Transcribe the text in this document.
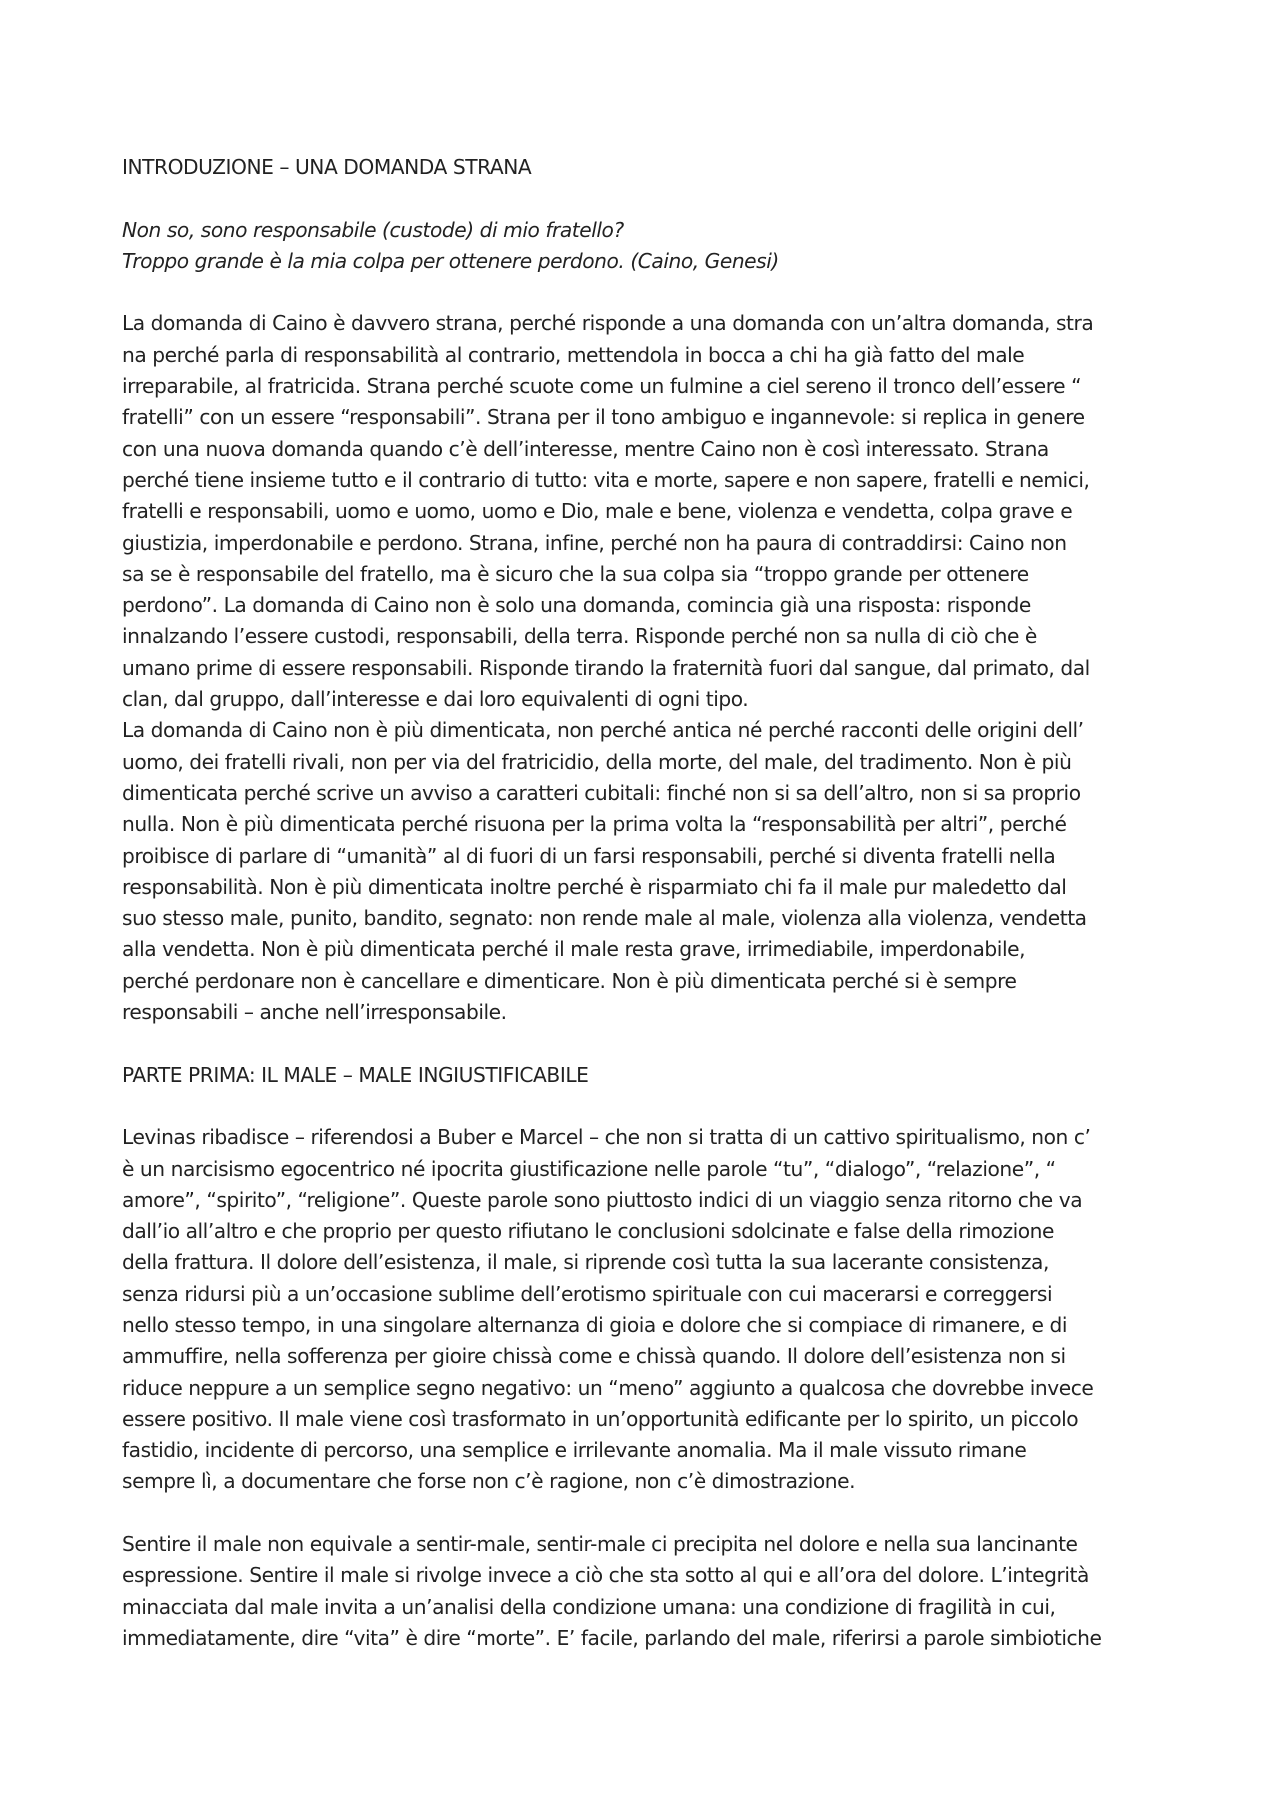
INTRODUZIONE – UNA DOMANDA STRANA
Non so, sono responsabile (custode) di mio fratello?
Troppo grande è la mia colpa per ottenere perdono. (Caino, Genesi)

La domanda di Caino è davvero strana, perché risponde a una domanda con un’altra domanda, stra
na perché parla di responsabilità al contrario, mettendola in bocca a chi ha già fatto del male
irreparabile, al fratricida. Strana perché scuote come un fulmine a ciel sereno il tronco dell’essere “
fratelli” con un essere “responsabili”. Strana per il tono ambiguo e ingannevole: si replica in genere
con una nuova domanda quando c’è dell’interesse, mentre Caino non è così interessato. Strana
perché tiene insieme tutto e il contrario di tutto: vita e morte, sapere e non sapere, fratelli e nemici,
fratelli e responsabili, uomo e uomo, uomo e Dio, male e bene, violenza e vendetta, colpa grave e
giustizia, imperdonabile e perdono. Strana, infine, perché non ha paura di contraddirsi: Caino non
sa se è responsabile del fratello, ma è sicuro che la sua colpa sia “troppo grande per ottenere
perdono”. La domanda di Caino non è solo una domanda, comincia già una risposta: risponde
innalzando l’essere custodi, responsabili, della terra. Risponde perché non sa nulla di ciò che è
umano prime di essere responsabili. Risponde tirando la fraternità fuori dal sangue, dal primato, dal
clan, dal gruppo, dall’interesse e dai loro equivalenti di ogni tipo.

La domanda di Caino non è più dimenticata, non perché antica né perché racconti delle origini dell’
uomo, dei fratelli rivali, non per via del fratricidio, della morte, del male, del tradimento. Non è più
dimenticata perché scrive un avviso a caratteri cubitali: finché non si sa dell’altro, non si sa proprio
nulla. Non è più dimenticata perché risuona per la prima volta la “responsabilità per altri”, perché
proibisce di parlare di “umanità” al di fuori di un farsi responsabili, perché si diventa fratelli nella
responsabilità. Non è più dimenticata inoltre perché è risparmiato chi fa il male pur maledetto dal
suo stesso male, punito, bandito, segnato: non rende male al male, violenza alla violenza, vendetta
alla vendetta. Non è più dimenticata perché il male resta grave, irrimediabile, imperdonabile,
perché perdonare non è cancellare e dimenticare. Non è più dimenticata perché si è sempre
responsabili – anche nell’irresponsabile.

PARTE PRIMA: IL MALE – MALE INGIUSTIFICABILE

Levinas ribadisce – riferendosi a Buber e Marcel – che non si tratta di un cattivo spiritualismo, non c’
è un narcisismo egocentrico né ipocrita giustificazione nelle parole “tu”, “dialogo”, “relazione”, “
amore”, “spirito”, “religione”. Queste parole sono piuttosto indici di un viaggio senza ritorno che va
dall’io all’altro e che proprio per questo rifiutano le conclusioni sdolcinate e false della rimozione
della frattura. Il dolore dell’esistenza, il male, si riprende così tutta la sua lacerante consistenza,
senza ridursi più a un’occasione sublime dell’erotismo spirituale con cui macerarsi e correggersi
nello stesso tempo, in una singolare alternanza di gioia e dolore che si compiace di rimanere, e di
ammuffire, nella sofferenza per gioire chissà come e chissà quando. Il dolore dell’esistenza non si
riduce neppure a un semplice segno negativo: un “meno” aggiunto a qualcosa che dovrebbe invece
essere positivo. Il male viene così trasformato in un’opportunità edificante per lo spirito, un piccolo
fastidio, incidente di percorso, una semplice e irrilevante anomalia. Ma il male vissuto rimane
sempre lì, a documentare che forse non c’è ragione, non c’è dimostrazione.

Sentire il male non equivale a sentir-male, sentir-male ci precipita nel dolore e nella sua lancinante
espressione. Sentire il male si rivolge invece a ciò che sta sotto al qui e all’ora del dolore. L’integrità
minacciata dal male invita a un’analisi della condizione umana: una condizione di fragilità in cui,
immediatamente, dire “vita” è dire “morte”. E’ facile, parlando del male, riferirsi a parole simbiotiche
